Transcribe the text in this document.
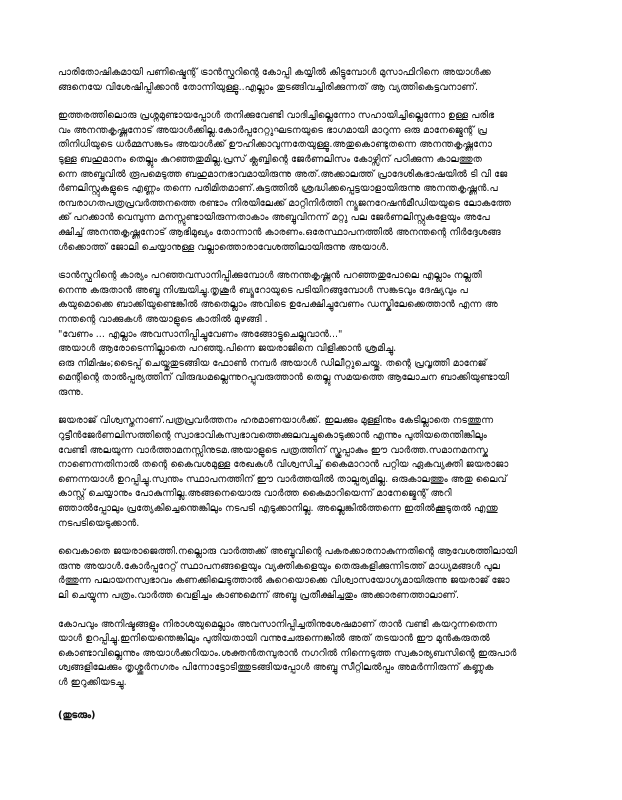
പാരിതോഷികമായി പണിഷ്മെന്റ് ട്രാൻസ്ഫറിന്റെ കോപ്പി കയ്യിൽ കിട്ടുമ്പോൾ മുസാഫിറിനെ അയാൾക്ക
ങ്ങനെയേ വിശേഷിപ്പിക്കാൻ തോന്നിയുള്ളൂ..എല്ലാം തുടങ്ങിവച്ചിരിക്കുന്നത് ആ വ്യത്തികെട്ടവനാണ്.
ഇത്തരത്തിലൊരു പ്രശ്നമുണ്ടായപ്പോൾ തനിക്കുവേണ്ടി വാദിച്ചില്ലെന്നോ സഹായിച്ചില്ലെന്നോ ഉള്ള പരിഭ
വം അനന്തകൃഷ്ണനോട് അയാൾക്കില്ല.കോർപ്പറേറ്റുഘടനയുടെ ഭാഗമായി മാറുന്ന ഒരു മാനേജ്മെന്റ് പ്ര
തിനിധിയുടെ ധർമ്മസങ്കടം അയാൾക്ക് ഊഹിക്കാവുന്നതേയുള്ളൂ.അതുകൊണ്ടുതന്നെ അനന്തകൃഷ്ണനോ
ടുള്ള ബഹുമാനം തെല്ലും കുറഞ്ഞതുമില്ല.പ്രസ് ക്ലബ്ബിന്റെ ജേർണലിസം കോഴ്സിന് പഠിക്കുന്ന കാലത്തുത
ന്നെ അബ്ബുവിൽ രൂപമെടുത്ത ബഹുമാനഭാവമായിരുന്നു അത്.അക്കാലത്ത് പ്രാദേശികഭാഷയിൽ ടി വി ജേ
ർണലിസ്റ്റുകളുടെ എണ്ണം തന്നെ പരിമിതമാണ്.കുട്ടത്തിൽ ശ്രദ്ധിക്കപ്പെട്ടയാളായിരുന്നു അനന്തകൃഷ്ണൻ.പ
രമ്പരാഗതപത്രപ്രവർത്തനത്തെ രണ്ടാം നിരയിലേക്ക് മാറ്റിനിർത്തി ന്യൂജനറേഷൻമീഡിയയുടെ ലോകത്തേ
ക്ക് പറക്കാൻ വെമ്പുന്ന മനസ്സുണ്ടായിരുന്നതാകാം അബ്ബുവിനന്ന് മറ്റു പല ജേർണലിസ്റ്റുകളേയും അപേ
ക്ഷിച്ച് അനന്തകൃഷ്ണനോട് ആഭിമുഖ്യം തോന്നാൻ കാരണം.ഒരേസ്ഥാപനത്തിൽ അനന്തന്റെ നിർദ്ദേശങ്ങ
ൾക്കൊത്ത് ജോലി ചെയ്യാനുള്ള വല്ലാത്തൊരാവേശത്തിലായിരുന്നു അയാൾ.
ട്രാൻസ്ഫറിന്റെ കാര്യം പറഞ്ഞവസാനിപ്പിക്കുമ്പോൾ അനന്തകൃഷ്ണൻ പറഞ്ഞതുപോലെ എല്ലാം നല്ലതി
നെന്നു കരുതാൻ അബ്ബു നിശ്ചയിച്ചു.തൃശൂർ ബ്യൂറോയുടെ പടിയിറങ്ങുമ്പോൾ സങ്കടവും ദേഷ്യവും പ
കയുമൊക്കെ ബാക്കിയുണ്ടെങ്കിൽ അതെല്ലാം അവിടെ ഉപേക്ഷിച്ചുവേണം ഡസ്കിലേക്കെത്താൻ എന്ന അ
നന്തന്റെ വാക്കുകൾ അയാളുടെ കാതിൽ മുഴങ്ങി .
"വേണം ... എല്ലാം അവസാനിപ്പിച്ചുവേണം അങ്ങോട്ടുചെല്ലുവാൻ..."
അയാൾ ആരോടെന്നില്ലാതെ പറഞ്ഞു.പിന്നെ ജയരാജിനെ വിളിക്കാൻ ശ്രമിച്ചു.
ഒരു നിമിഷം;ടൈപ്പ് ചെയ്തുതുടങ്ങിയ ഫോൺ നമ്പർ അയാൾ ഡിലീറ്റുചെയ്തു. തന്റെ പ്രവൃത്തി മാനേജ്
മെന്റിന്റെ താൽപ്പര്യത്തിന് വിരുദ്ധമല്ലെന്നുറപ്പുവരുത്താൻ തെല്ലു സമയത്തെ ആലോചന ബാക്കിയുണ്ടായി
രുന്നു.
ജയരാജ് വിശ്വസ്തനാണ്.പത്രപ്രവർത്തനം ഹരമാണയാൾക്ക്. ഇലക്കും മുള്ളിനും കേടില്ലാതെ നടത്തുന്ന
റുട്ടീൻജേർണലിസത്തിന്റെ സ്വാഭാവികസ്വഭാവത്തെക്കുലവച്ചുകൊടുക്കാൻ എന്നും പുതിയതെന്തിങ്കിലും
വേണ്ടി അലയുന്ന വാർത്താമനസ്സിനുടമ.അയാളുടെ പത്രത്തിന് സ്കൂപ്പാകും ഈ വാർത്ത.സമാനമനസ്ക
നാണെന്നതിനാൽ തന്റെ കൈവശമുള്ള രേഖകൾ വിശ്വസിച്ച് കൈമാറാൻ പറ്റിയ ഏകവ്യക്തി ജയരാജാ
ണെന്നയാൾ ഉറപ്പിച്ചു.സ്വന്തം സ്ഥാപനത്തിന് ഈ വാർത്തയിൽ താല്പര്യമില്ല. ഒരുകാലത്തും അതു ലൈവ്
കാസ്റ്റ് ചെയ്യാനും പോകുന്നില്ല.അങ്ങനെയൊരു വാർത്ത കൈമാറിയെന്ന് മാനേജ്മെന്റ് അറി
ഞ്ഞാൽപ്പോലും പ്രത്യേകിച്ചെന്തെങ്കിലും നടപടി എടുക്കാനില്ല. അല്ലെങ്കിൽത്തന്നെ ഇതിൽക്കൂടുതൽ എന്തു
നടപടിയെടുക്കാൻ.
വൈകാതെ ജയരാജെത്തി.നല്ലൊരു വാർത്തക്ക് അബ്ബുവിന്റെ പകരക്കാരനാകുന്നതിന്റെ ആവേശത്തിലായി
രുന്നു അയാൾ.കോർപ്പറേറ്റ് സ്ഥാപനങ്ങളെയും വ്യക്തികളെയും തെരുകളിക്കുന്നിടത്ത് മാധ്യമങ്ങൾ പുല
ർത്തുന്ന പലായനസ്വഭാവം കണക്കിലെടുത്താൽ കുറെയൊക്കെ വിശ്വാസയോഗ്യമായിരുന്നു ജയരാജ് ജോ
ലി ചെയ്യുന്ന പത്രം.വാർത്ത വെളിച്ചം കാണുമെന്ന് അബ്ബു പ്രതീക്ഷിച്ചതും അക്കാരണത്താലാണ്.
കോപവും അനിഷ്ടങ്ങളും നിരാശയുമെല്ലാം അവസാനിപ്പിച്ചതിനുശേഷമാണ് താൻ വണ്ടി കയറുന്നതെന്ന
യാൾ ഉറപ്പിച്ചു.ഇനിയെന്തെങ്കിലും പുതിയതായി വന്നുചേരുന്നെങ്കിൽ അത് തടയാൻ ഈ മുൻകരുതൽ
കൊണ്ടാവില്ലെന്നും അയാൾക്കറിയാം.ശക്തൻതമ്പുരാൻ നഗറിൽ നിന്നെടുത്ത സ്വകാര്യബസിന്റെ ഇരുപാർ
ശ്വങ്ങളിലേക്കും തൃശ്ശൂർനഗരം പിന്നോട്ടോടിത്തുടങ്ങിയപ്പോൾ അബ്ബു സീറ്റിലൽപ്പം അമർന്നിരുന്ന് കണ്ണുക
ൾ ഇറുക്കിയടച്ചു.
(തുടരും)
